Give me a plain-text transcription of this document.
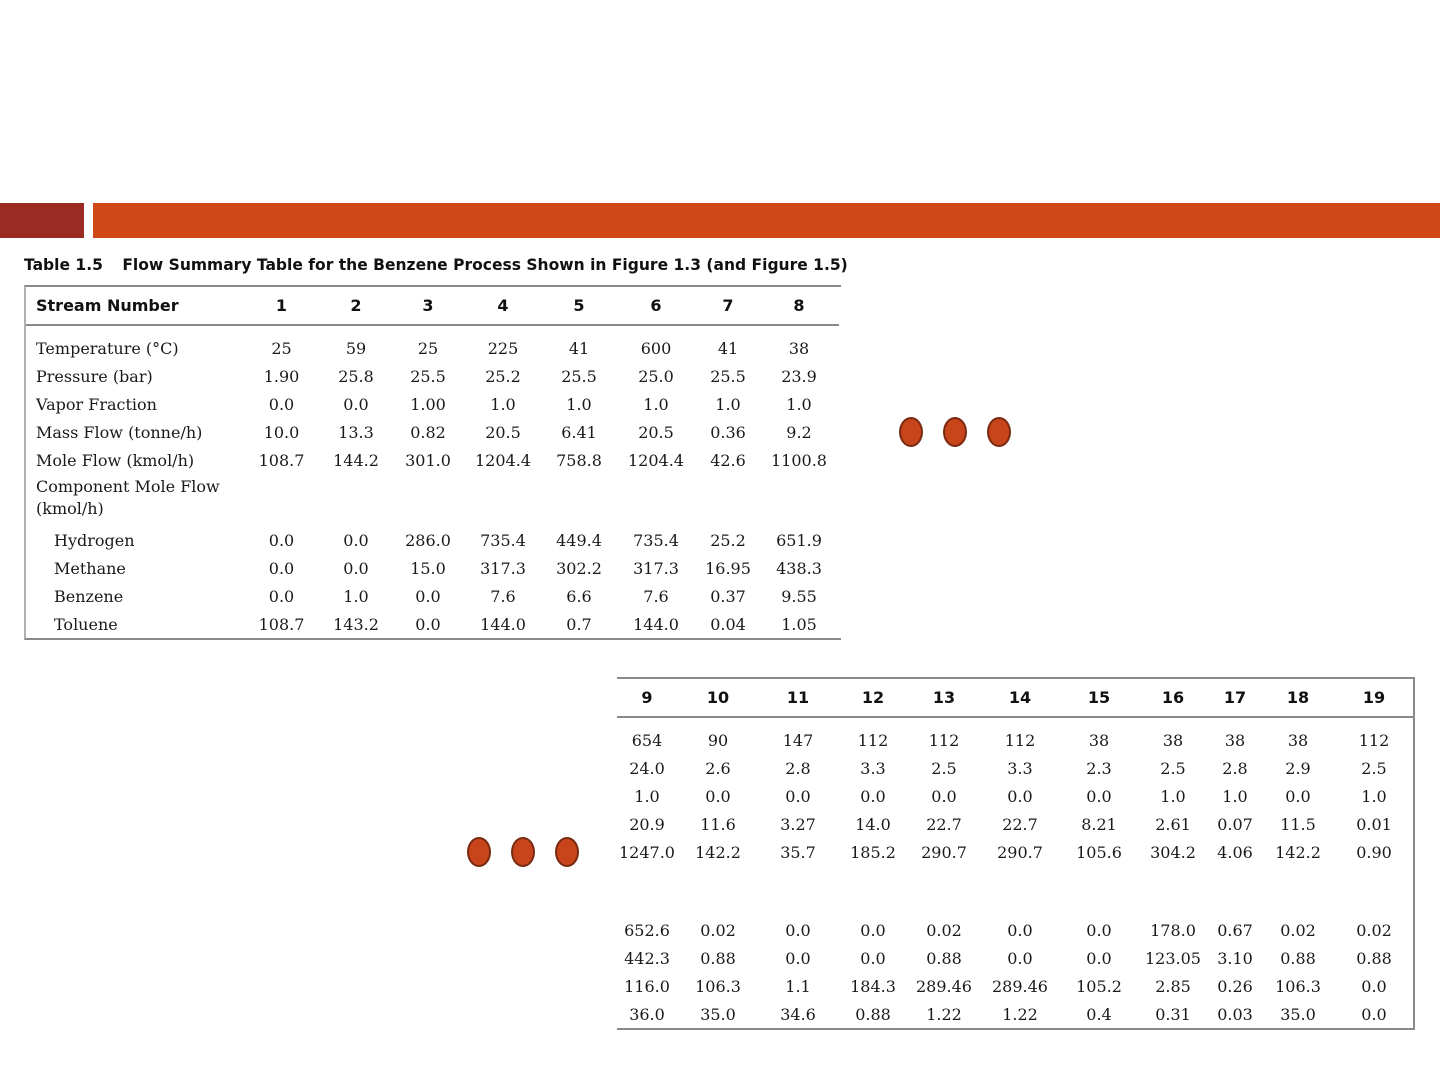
Table 1.5 Flow Summary Table for the Benzene Process Shown in Figure 1.3 (and Figure 1.5)
Stream Number	1	2	3	4	5	6	7	8
Temperature (°C)	25	59	25	225	41	600	41	38
Pressure (bar)	1.90	25.8	25.5	25.2	25.5	25.0	25.5	23.9
Vapor Fraction	0.0	0.0	1.00	1.0	1.0	1.0	1.0	1.0
Mass Flow (tonne/h)	10.0	13.3	0.82	20.5	6.41	20.5	0.36	9.2
Mole Flow (kmol/h)	108.7	144.2	301.0	1204.4	758.8	1204.4	42.6	1100.8
Component Mole Flow (kmol/h)								
Hydrogen	0.0	0.0	286.0	735.4	449.4	735.4	25.2	651.9
Methane	0.0	0.0	15.0	317.3	302.2	317.3	16.95	438.3
Benzene	0.0	1.0	0.0	7.6	6.6	7.6	0.37	9.55
Toluene	108.7	143.2	0.0	144.0	0.7	144.0	0.04	1.05
9	10	11	12	13	14	15	16	17	18	19
654	90	147	112	112	112	38	38	38	38	112
24.0	2.6	2.8	3.3	2.5	3.3	2.3	2.5	2.8	2.9	2.5
1.0	0.0	0.0	0.0	0.0	0.0	0.0	1.0	1.0	0.0	1.0
20.9	11.6	3.27	14.0	22.7	22.7	8.21	2.61	0.07	11.5	0.01
1247.0	142.2	35.7	185.2	290.7	290.7	105.6	304.2	4.06	142.2	0.90

652.6	0.02	0.0	0.0	0.02	0.0	0.0	178.0	0.67	0.02	0.02
442.3	0.88	0.0	0.0	0.88	0.0	0.0	123.05	3.10	0.88	0.88
116.0	106.3	1.1	184.3	289.46	289.46	105.2	2.85	0.26	106.3	0.0
36.0	35.0	34.6	0.88	1.22	1.22	0.4	0.31	0.03	35.0	0.0
